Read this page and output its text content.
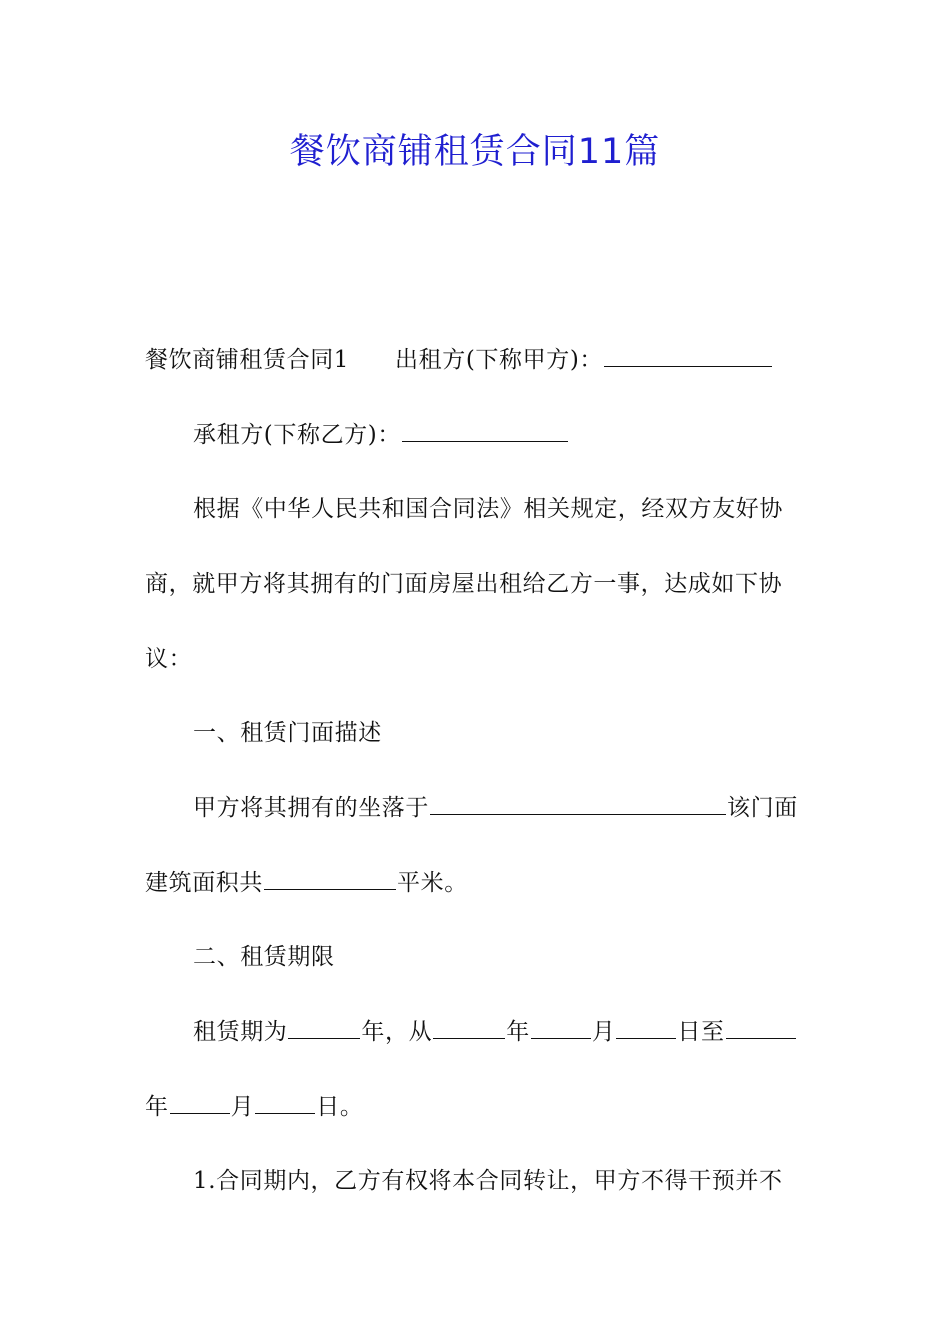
餐饮商铺租赁合同11篇
餐饮商铺租赁合同1 出租方(下称甲方)：
承租方(下称乙方)：
根据《中华人民共和国合同法》相关规定，经双方友好协
商，就甲方将其拥有的门面房屋出租给乙方一事，达成如下协
议：
一、租赁门面描述
甲方将其拥有的坐落于	该门面
建筑面积共	平米。
二、租赁期限
租赁期为	年，从	年	月	日至
年	月	日。
1.合同期内，乙方有权将本合同转让，甲方不得干预并不
